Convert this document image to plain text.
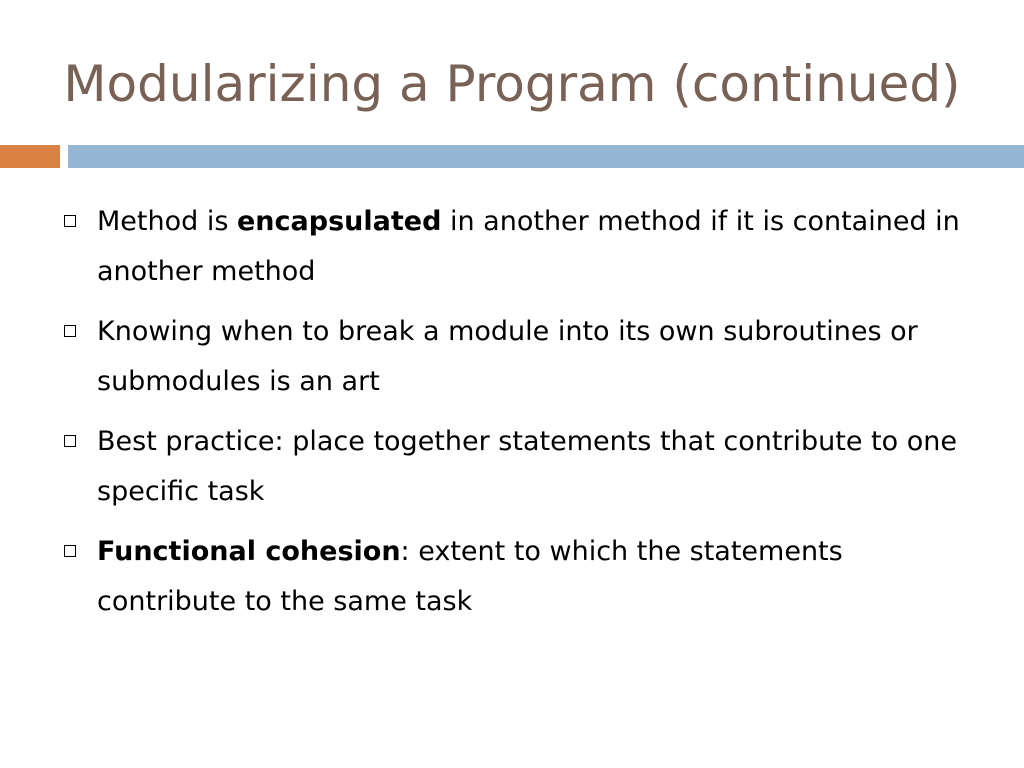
Modularizing a Program (continued)
Method is encapsulated in another method if it is contained in another method
Knowing when to break a module into its own subroutines or submodules is an art
Best practice: place together statements that contribute to one specific task
Functional cohesion: extent to which the statements contribute to the same task
